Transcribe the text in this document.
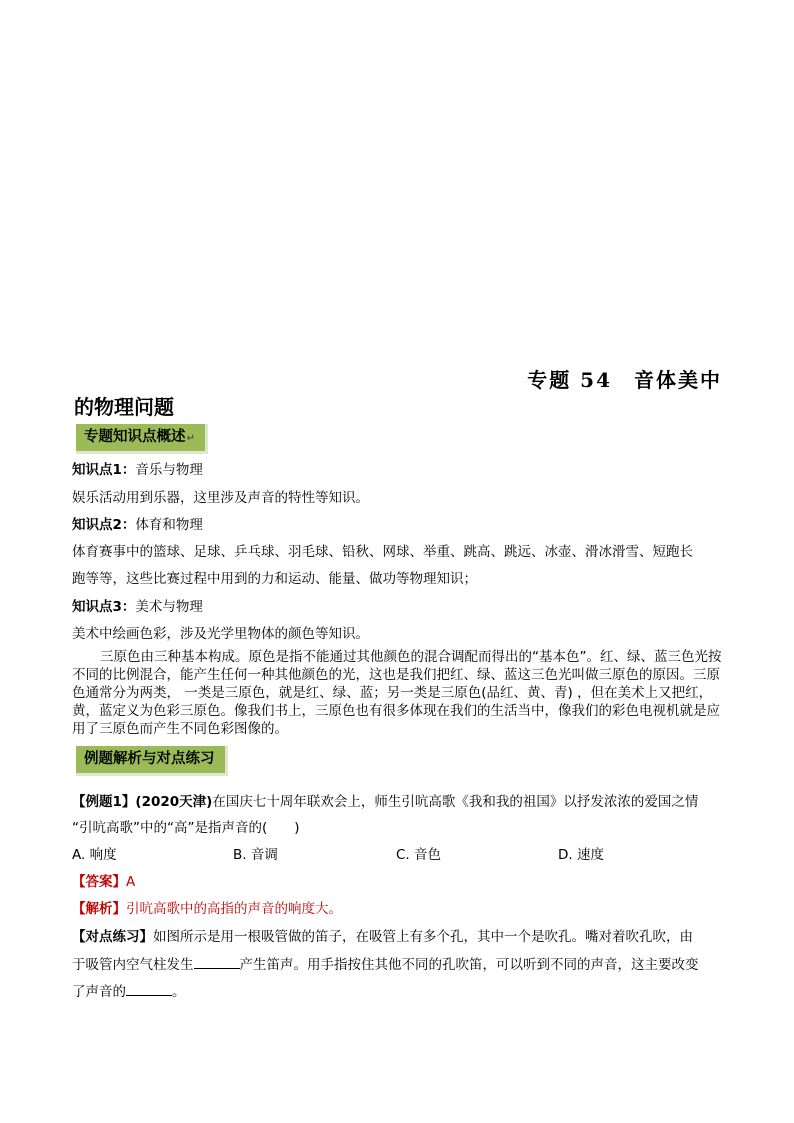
专题 54　音体美中
的物理问题
专题知识点概述↵
知识点1：音乐与物理
娱乐活动用到乐器，这里涉及声音的特性等知识。
知识点2：体育和物理
体育赛事中的篮球、足球、乒乓球、羽毛球、铅秋、网球、举重、跳高、跳远、冰壶、滑冰滑雪、短跑长
跑等等，这些比赛过程中用到的力和运动、能量、做功等物理知识；
知识点3：美术与物理
美术中绘画色彩，涉及光学里物体的颜色等知识。
三原色由三种基本构成。原色是指不能通过其他颜色的混合调配而得出的“基本色”。红、绿、蓝三色光按不同的比例混合，能产生任何一种其他颜色的光，这也是我们把红、绿、蓝这三色光叫做三原色的原因。三原色通常分为两类， 一类是三原色，就是红、绿、蓝；另一类是三原色(品红、黄、青) ，但在美术上又把红，黄，蓝定义为色彩三原色。像我们书上，三原色也有很多体现在我们的生活当中，像我们的彩色电视机就是应用了三原色而产生不同色彩图像的。
例题解析与对点练习
【例题1】(2020天津)在国庆七十周年联欢会上，师生引吭高歌《我和我的祖国》以抒发浓浓的爱国之情
“引吭高歌”中的“高”是指声音的(　　)
A. 响度	B. 音调	C. 音色	D. 速度
【答案】A
【解析】引吭高歌中的高指的声音的响度大。
【对点练习】如图所示是用一根吸管做的笛子，在吸管上有多个孔，其中一个是吹孔。嘴对着吹孔吹，由
于吸管内空气柱发生	产生笛声。用手指按住其他不同的孔吹笛，可以听到不同的声音，这主要改变
了声音的	。
